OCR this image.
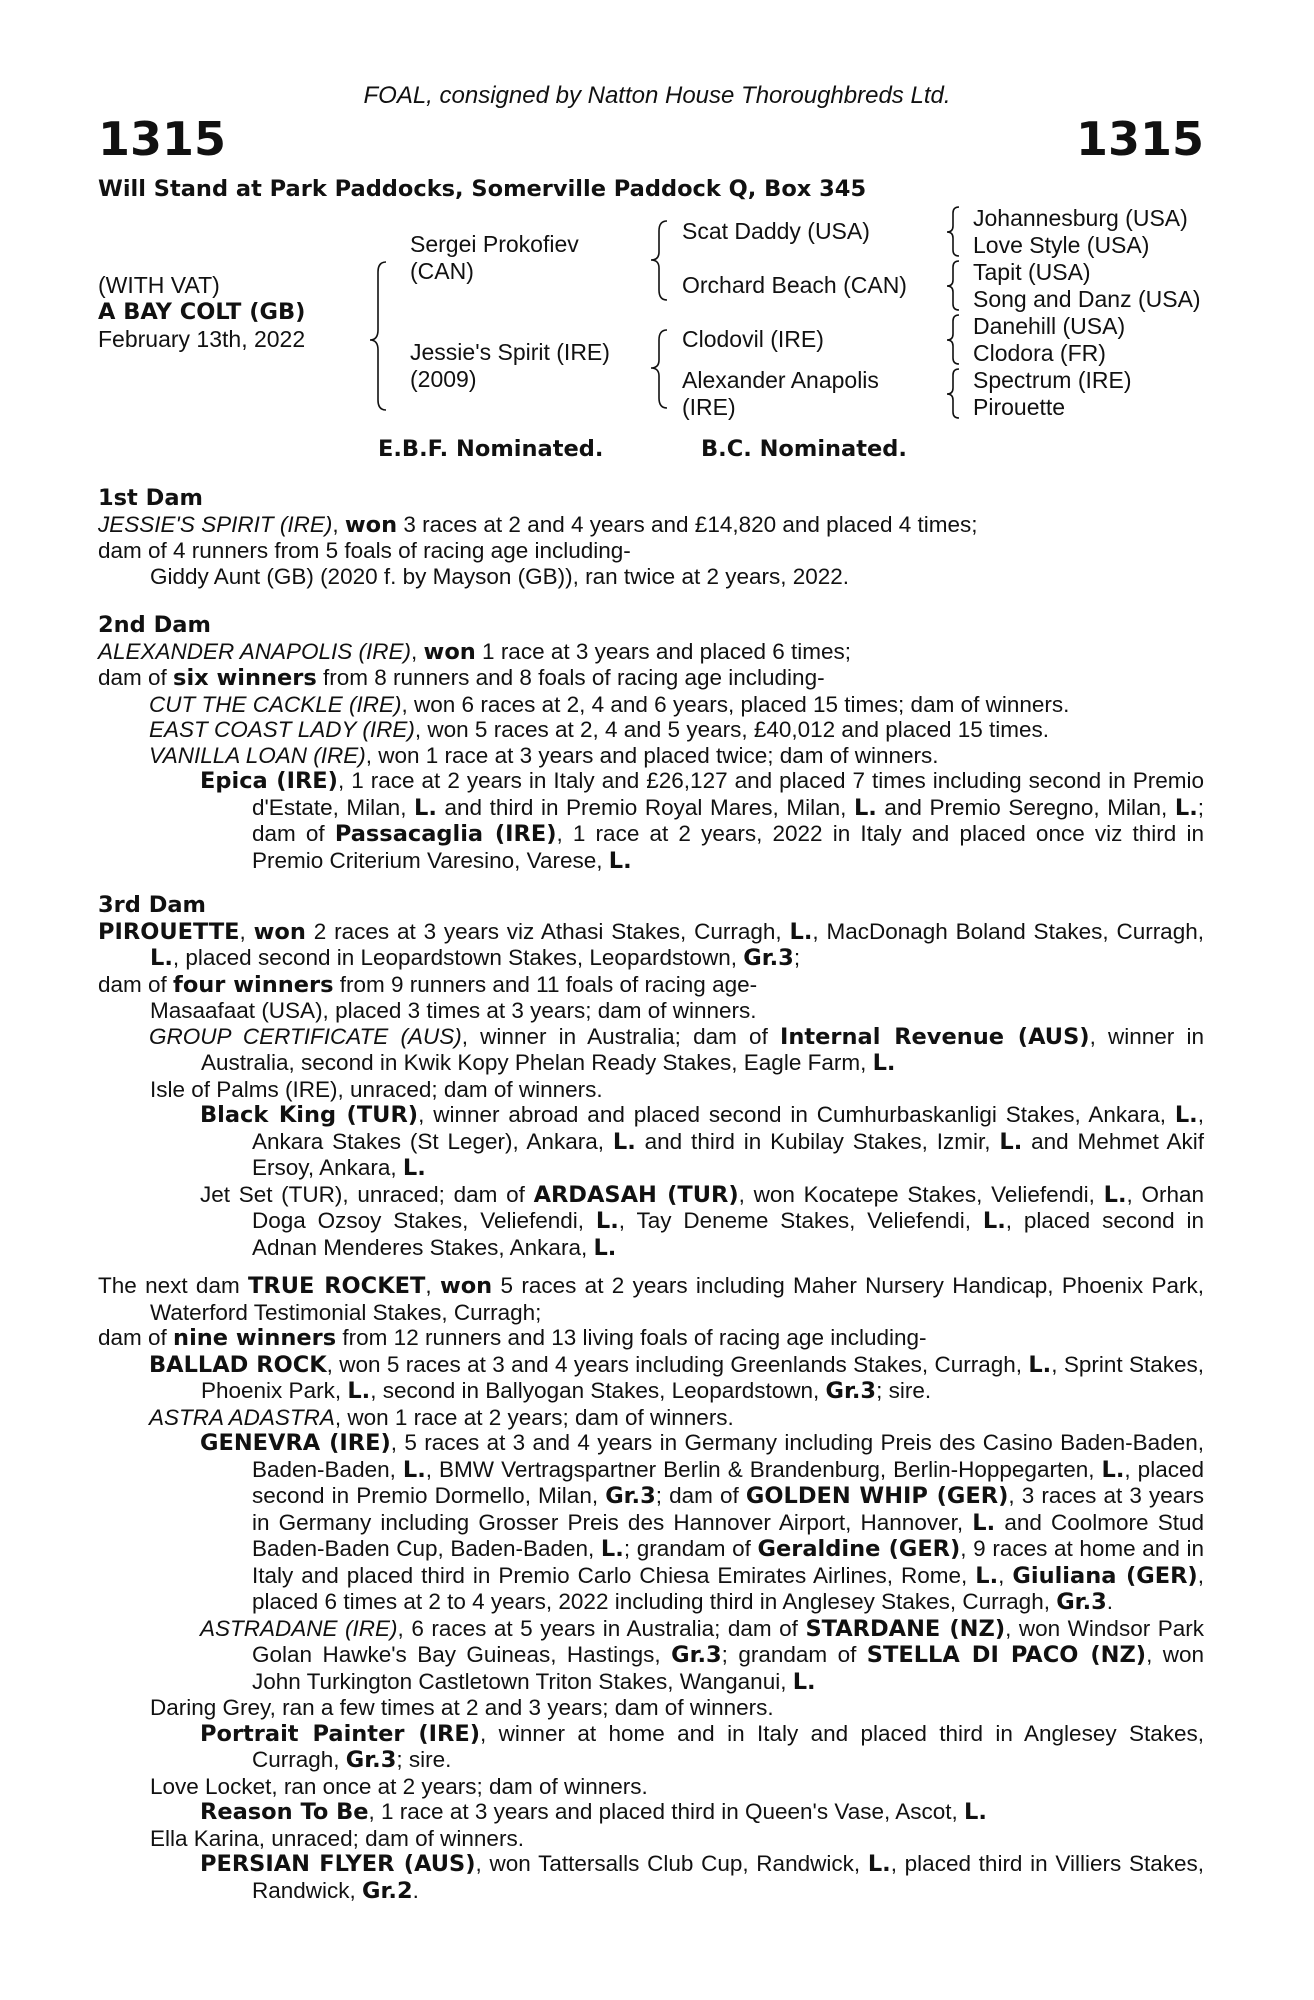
FOAL, consigned by Natton House Thoroughbreds Ltd.
1315	1315
Will Stand at Park Paddocks, Somerville Paddock Q, Box 345
(WITH VAT)
A BAY COLT (GB)
February 13th, 2022
Sergei Prokofiev (CAN)
Jessie's Spirit (IRE) (2009)
Scat Daddy (USA)
Orchard Beach (CAN)
Clodovil (IRE)
Alexander Anapolis (IRE)
Johannesburg (USA)
Love Style (USA)
Tapit (USA)
Song and Danz (USA)
Danehill (USA)
Clodora (FR)
Spectrum (IRE)
Pirouette
E.B.F. Nominated.	B.C. Nominated.

1st Dam

JESSIE'S SPIRIT (IRE), won 3 races at 2 and 4 years and £14,820 and placed 4 times;

dam of 4 runners from 5 foals of racing age including-

Giddy Aunt (GB) (2020 f. by Mayson (GB)), ran twice at 2 years, 2022.

2nd Dam

ALEXANDER ANAPOLIS (IRE), won 1 race at 3 years and placed 6 times;

dam of six winners from 8 runners and 8 foals of racing age including-

CUT THE CACKLE (IRE), won 6 races at 2, 4 and 6 years, placed 15 times; dam of winners.

EAST COAST LADY (IRE), won 5 races at 2, 4 and 5 years, £40,012 and placed 15 times.

VANILLA LOAN (IRE), won 1 race at 3 years and placed twice; dam of winners.

Epica (IRE), 1 race at 2 years in Italy and £26,127 and placed 7 times including second in Premio d'Estate, Milan, L. and third in Premio Royal Mares, Milan, L. and Premio Seregno, Milan, L.; dam of Passacaglia (IRE), 1 race at 2 years, 2022 in Italy and placed once viz third in Premio Criterium Varesino, Varese, L.

3rd Dam

PIROUETTE, won 2 races at 3 years viz Athasi Stakes, Curragh, L., MacDonagh Boland Stakes, Curragh, L., placed second in Leopardstown Stakes, Leopardstown, Gr.3;

dam of four winners from 9 runners and 11 foals of racing age-

Masaafaat (USA), placed 3 times at 3 years; dam of winners.

GROUP CERTIFICATE (AUS), winner in Australia; dam of Internal Revenue (AUS), winner in Australia, second in Kwik Kopy Phelan Ready Stakes, Eagle Farm, L.

Isle of Palms (IRE), unraced; dam of winners.

Black King (TUR), winner abroad and placed second in Cumhurbaskanligi Stakes, Ankara, L., Ankara Stakes (St Leger), Ankara, L. and third in Kubilay Stakes, Izmir, L. and Mehmet Akif Ersoy, Ankara, L.

Jet Set (TUR), unraced; dam of ARDASAH (TUR), won Kocatepe Stakes, Veliefendi, L., Orhan Doga Ozsoy Stakes, Veliefendi, L., Tay Deneme Stakes, Veliefendi, L., placed second in Adnan Menderes Stakes, Ankara, L.

The next dam TRUE ROCKET, won 5 races at 2 years including Maher Nursery Handicap, Phoenix Park, Waterford Testimonial Stakes, Curragh;

dam of nine winners from 12 runners and 13 living foals of racing age including-

BALLAD ROCK, won 5 races at 3 and 4 years including Greenlands Stakes, Curragh, L., Sprint Stakes, Phoenix Park, L., second in Ballyogan Stakes, Leopardstown, Gr.3; sire.

ASTRA ADASTRA, won 1 race at 2 years; dam of winners.

GENEVRA (IRE), 5 races at 3 and 4 years in Germany including Preis des Casino Baden-Baden, Baden-Baden, L., BMW Vertragspartner Berlin & Brandenburg, Berlin-Hoppegarten, L., placed second in Premio Dormello, Milan, Gr.3; dam of GOLDEN WHIP (GER), 3 races at 3 years in Germany including Grosser Preis des Hannover Airport, Hannover, L. and Coolmore Stud Baden-Baden Cup, Baden-Baden, L.; grandam of Geraldine (GER), 9 races at home and in Italy and placed third in Premio Carlo Chiesa Emirates Airlines, Rome, L., Giuliana (GER), placed 6 times at 2 to 4 years, 2022 including third in Anglesey Stakes, Curragh, Gr.3.

ASTRADANE (IRE), 6 races at 5 years in Australia; dam of STARDANE (NZ), won Windsor Park Golan Hawke's Bay Guineas, Hastings, Gr.3; grandam of STELLA DI PACO (NZ), won John Turkington Castletown Triton Stakes, Wanganui, L.

Daring Grey, ran a few times at 2 and 3 years; dam of winners.

Portrait Painter (IRE), winner at home and in Italy and placed third in Anglesey Stakes, Curragh, Gr.3; sire.

Love Locket, ran once at 2 years; dam of winners.

Reason To Be, 1 race at 3 years and placed third in Queen's Vase, Ascot, L.

Ella Karina, unraced; dam of winners.

PERSIAN FLYER (AUS), won Tattersalls Club Cup, Randwick, L., placed third in Villiers Stakes, Randwick, Gr.2.
